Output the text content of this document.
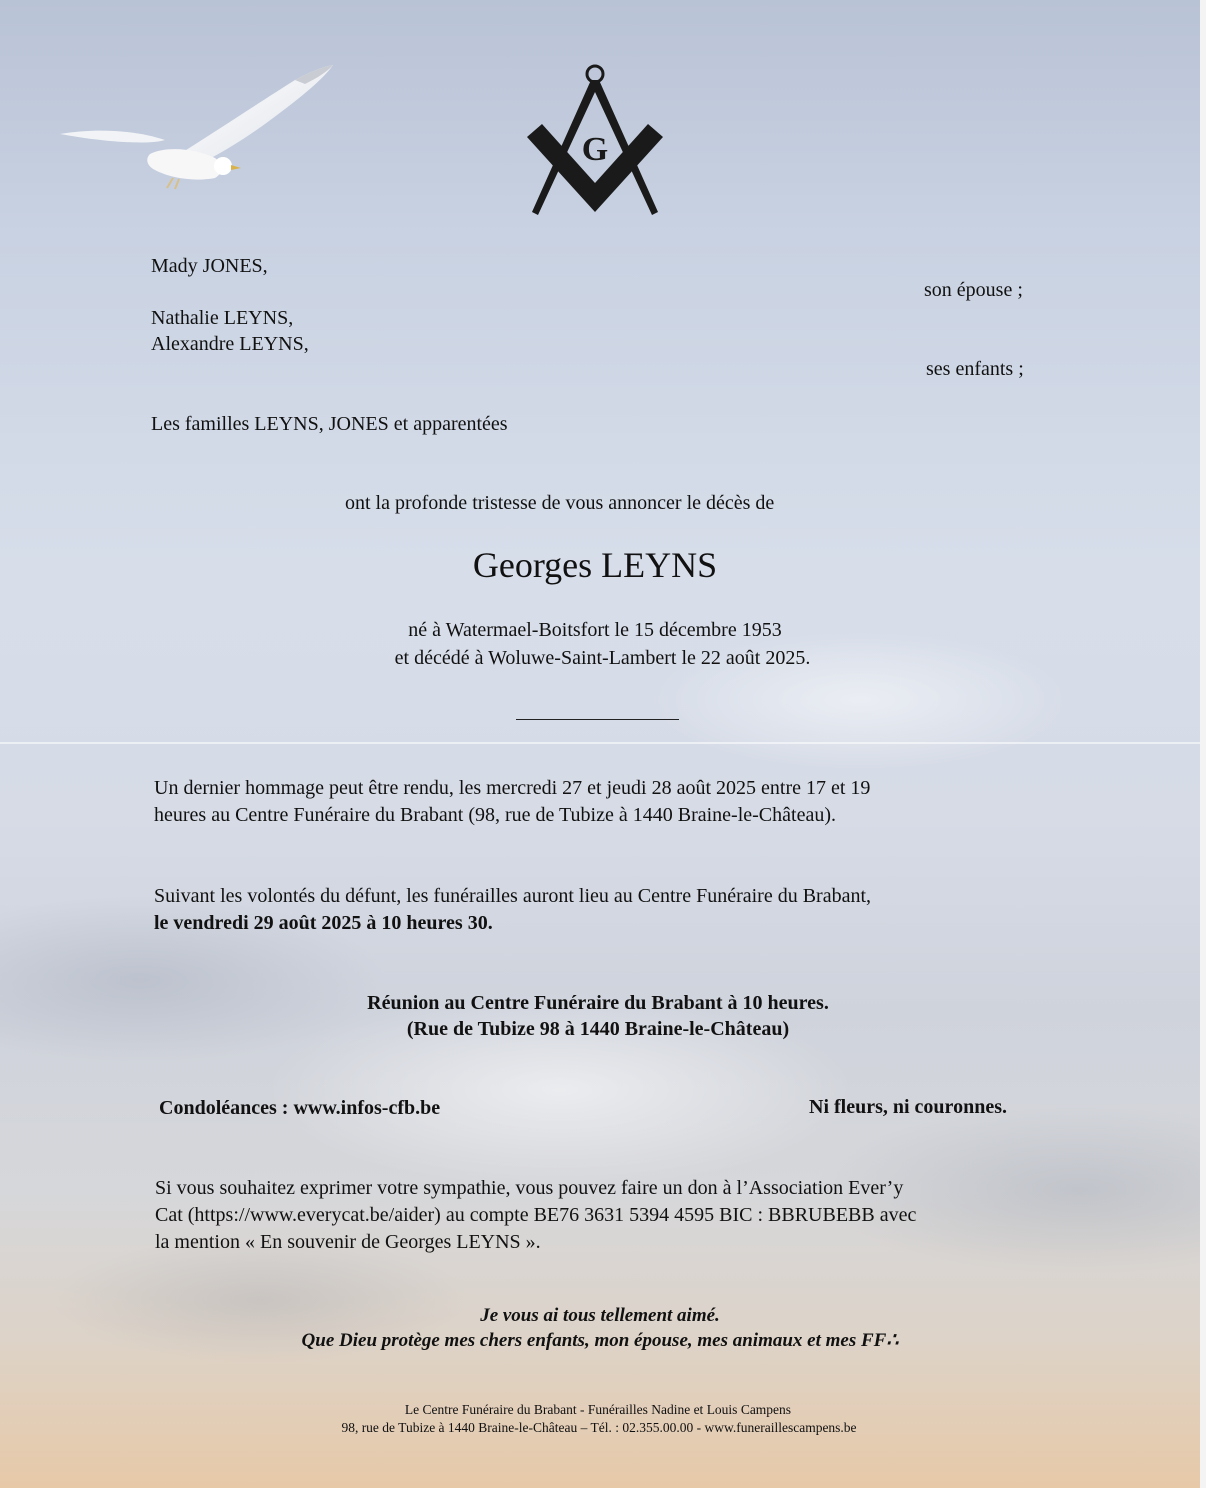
G
Mady JONES,
son épouse ;
Nathalie LEYNS,
Alexandre LEYNS,
ses enfants ;
Les familles LEYNS, JONES et apparentées
ont la profonde tristesse de vous annoncer le décès de
Georges LEYNS
né à Watermael-Boitsfort le 15 décembre 1953
et décédé à Woluwe-Saint-Lambert le 22 août 2025.
Un dernier hommage peut être rendu, les mercredi 27 et jeudi 28 août 2025 entre 17 et 19
heures au Centre Funéraire du Brabant (98, rue de Tubize à 1440 Braine-le-Château).
Suivant les volontés du défunt, les funérailles auront lieu au Centre Funéraire du Brabant,
le vendredi 29 août 2025 à 10 heures 30.
Réunion au Centre Funéraire du Brabant à 10 heures.
(Rue de Tubize 98 à 1440 Braine-le-Château)
Condoléances : www.infos-cfb.be	Ni fleurs, ni couronnes.
Si vous souhaitez exprimer votre sympathie, vous pouvez faire un don à l’Association Ever’y
Cat (https://www.everycat.be/aider) au compte BE76 3631 5394 4595 BIC : BBRUBEBB avec
la mention « En souvenir de Georges LEYNS ».
Je vous ai tous tellement aimé.
Que Dieu protège mes chers enfants, mon épouse, mes animaux et mes FF∴
Le Centre Funéraire du Brabant - Funérailles Nadine et Louis Campens
98, rue de Tubize à 1440 Braine-le-Château – Tél. : 02.355.00.00 - www.funeraillescampens.be
